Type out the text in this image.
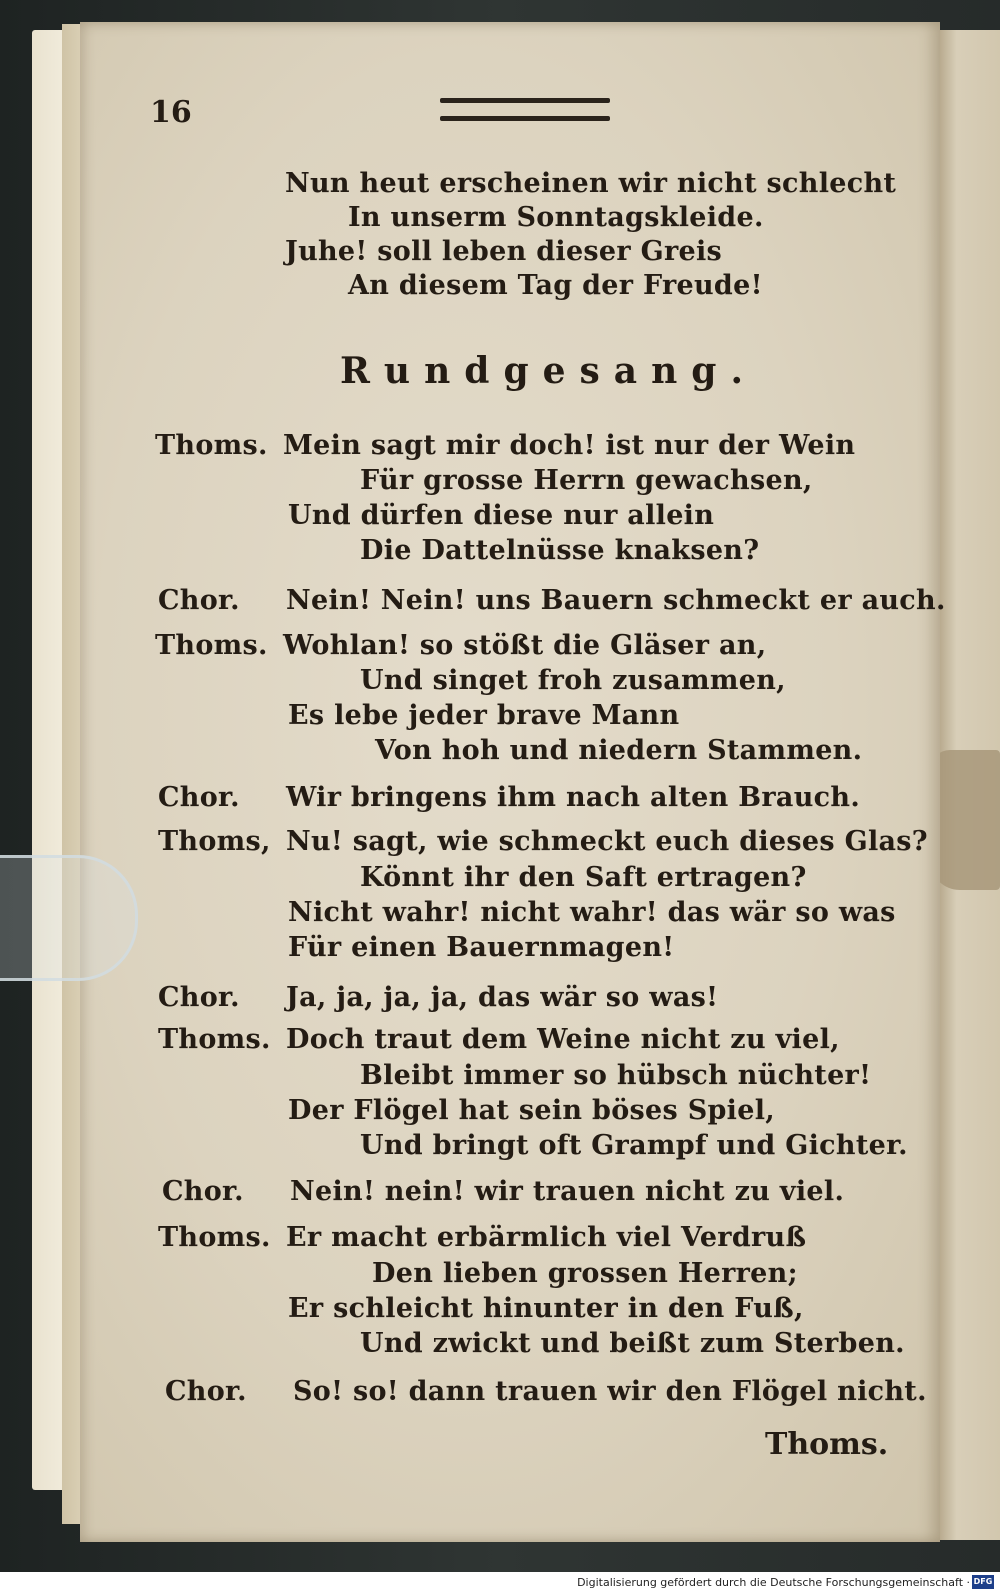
16
Nun heut erscheinen wir nicht schlecht
In unserm Sonntagskleide.
Juhe! soll leben dieser Greis
An diesem Tag der Freude!
Rundgesang.
Thoms. Mein sagt mir doch! ist nur der Wein
Für grosse Herrn gewachsen,
Und dürfen diese nur allein
Die Dattelnüsse knaksen?
Chor. Nein! Nein! uns Bauern schmeckt er auch.
Thoms. Wohlan! so stößt die Gläser an,
Und singet froh zusammen,
Es lebe jeder brave Mann
Von hoh und niedern Stammen.
Chor. Wir bringens ihm nach alten Brauch.
Thoms, Nu! sagt, wie schmeckt euch dieses Glas?
Könnt ihr den Saft ertragen?
Nicht wahr! nicht wahr! das wär so was
Für einen Bauernmagen!
Chor. Ja, ja, ja, ja, das wär so was!
Thoms. Doch traut dem Weine nicht zu viel,
Bleibt immer so hübsch nüchter!
Der Flögel hat sein böses Spiel,
Und bringt oft Grampf und Gichter.
Chor. Nein! nein! wir trauen nicht zu viel.
Thoms. Er macht erbärmlich viel Verdruß
Den lieben grossen Herren;
Er schleicht hinunter in den Fuß,
Und zwickt und beißt zum Sterben.
Chor. So! so! dann trauen wir den Flögel nicht.
Thoms.
Digitalisierung gefördert durch die Deutsche Forschungsgemeinschaft · DFG
